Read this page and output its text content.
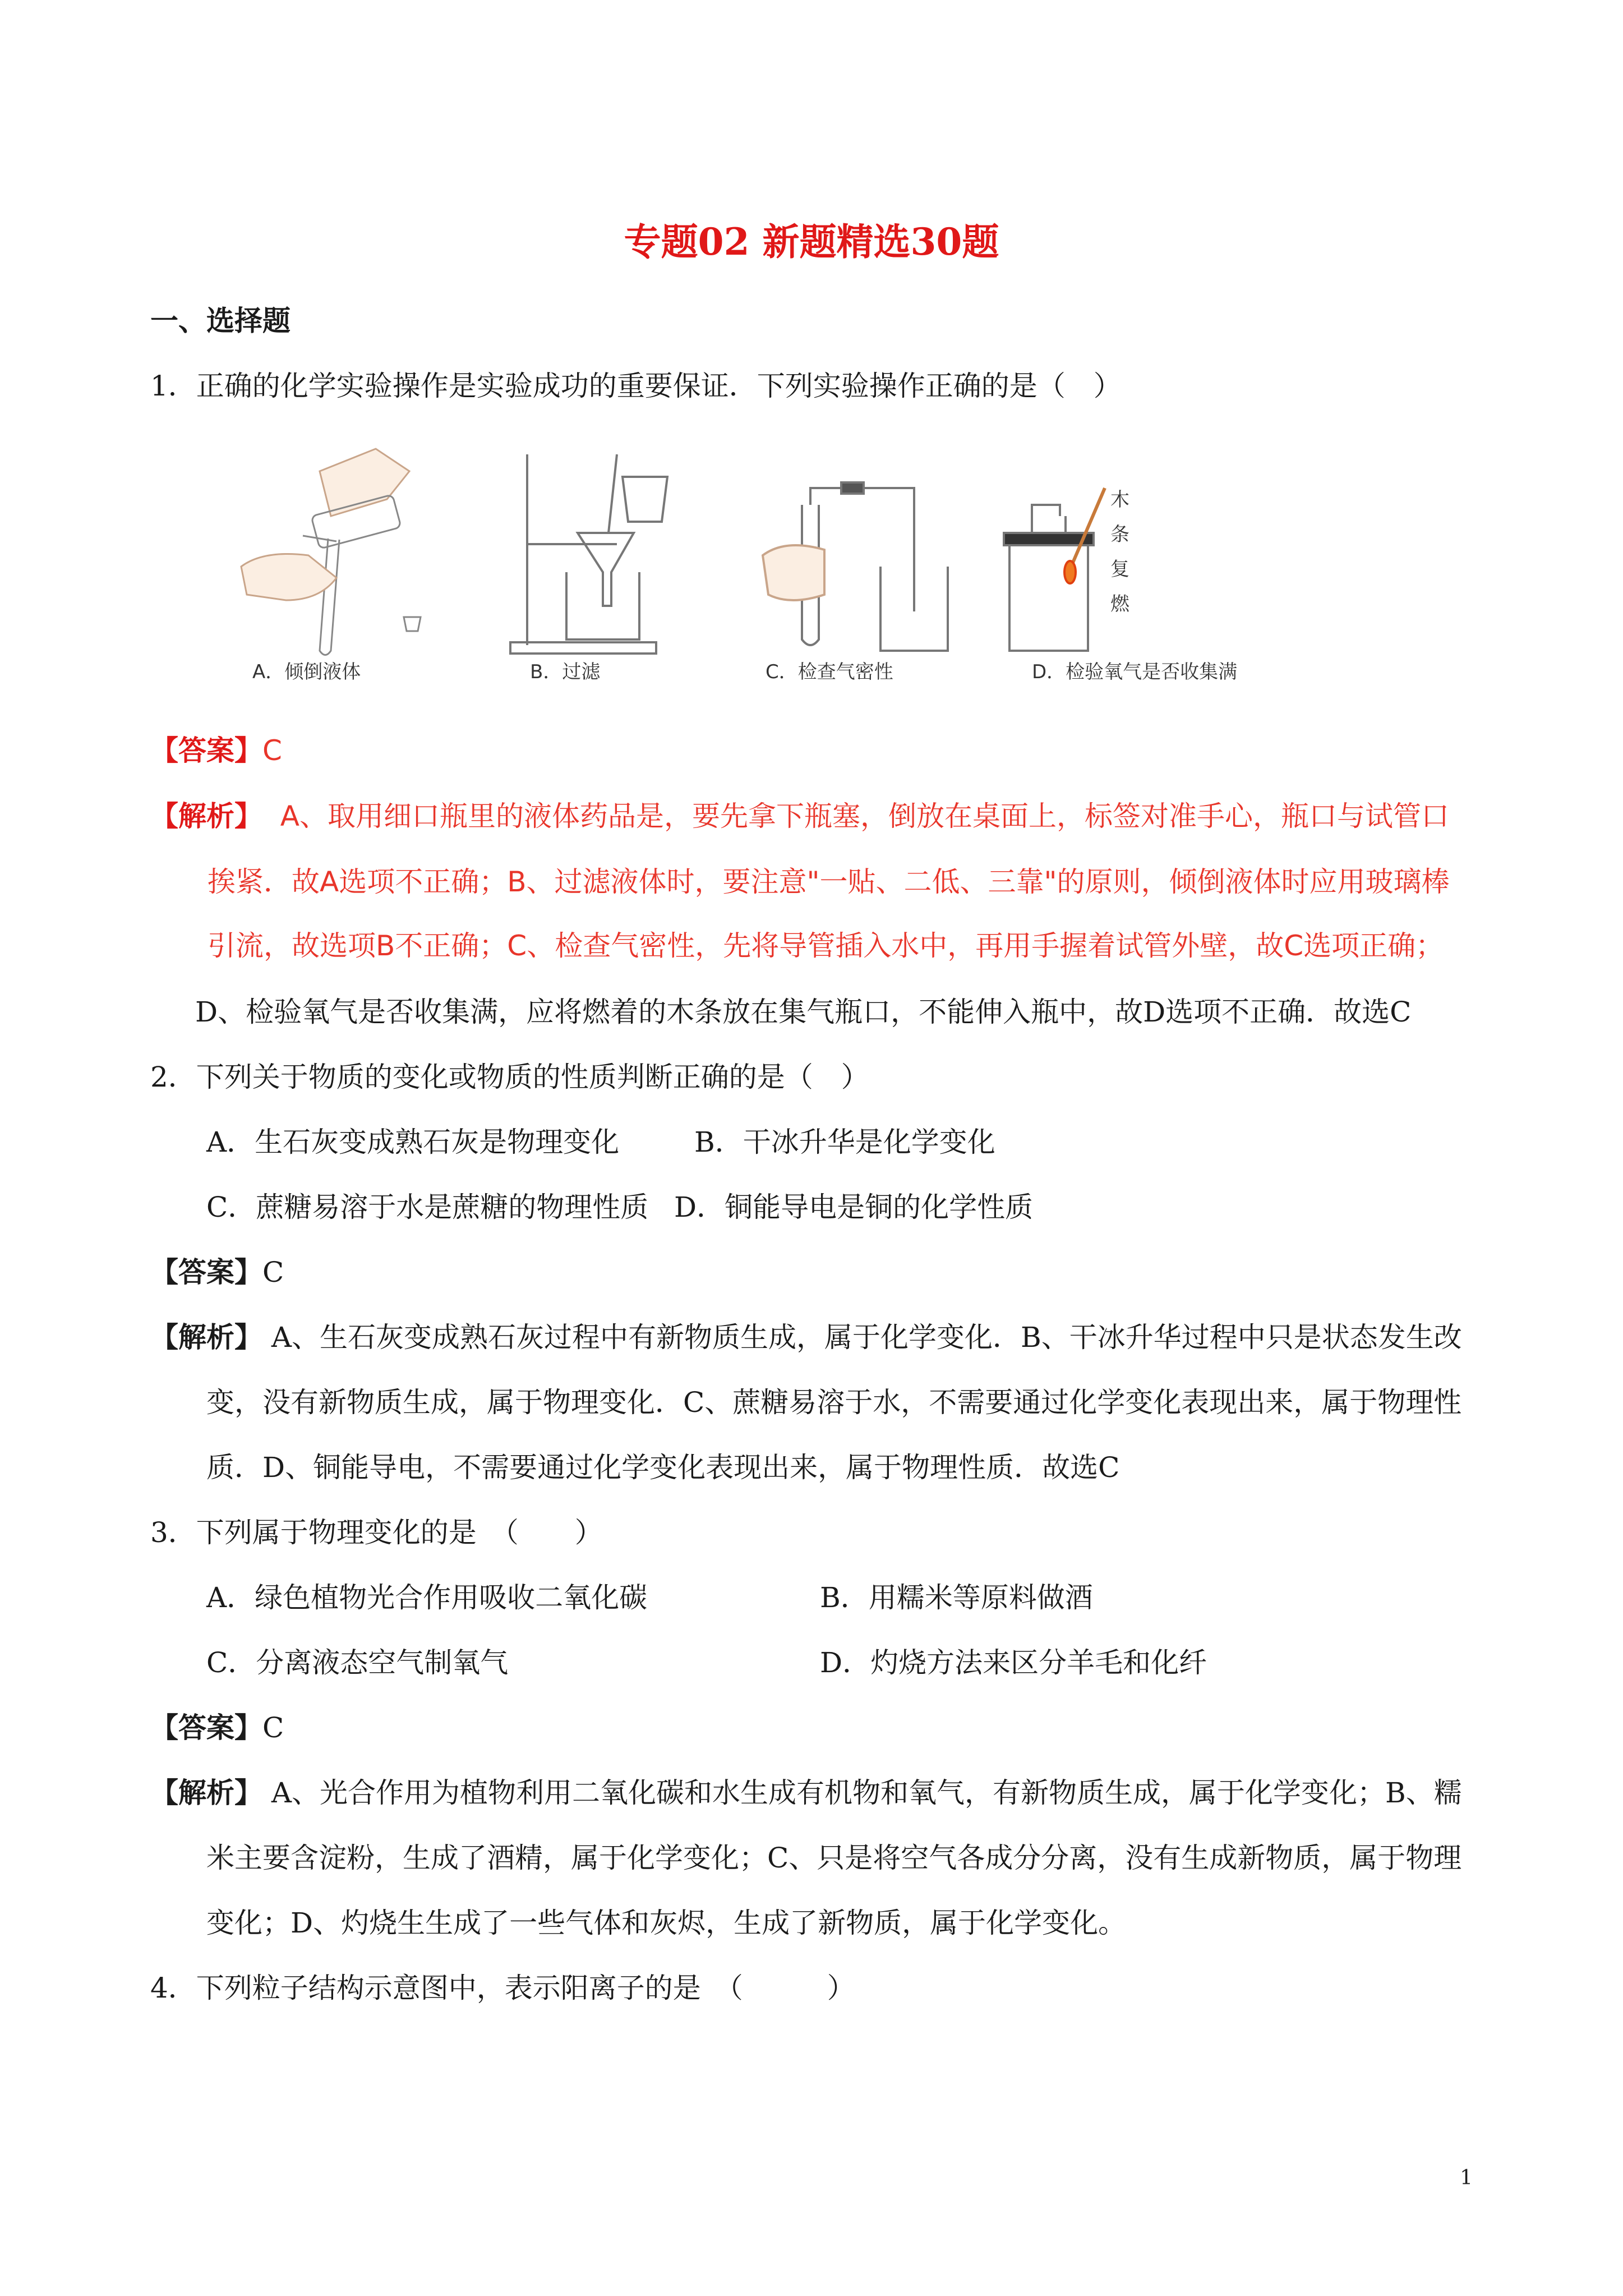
专题02 新题精选30题
一、选择题
1．正确的化学实验操作是实验成功的重要保证．下列实验操作正确的是（　）
木
条
复
燃
A．倾倒液体	B．过滤	C．检查气密性	D．检验氧气是否收集满
【答案】C
【解析】 A、取用细口瓶里的液体药品是，要先拿下瓶塞，倒放在桌面上，标签对准手心，瓶口与试管口
挨紧．故A选项不正确；B、过滤液体时，要注意"一贴、二低、三靠"的原则，倾倒液体时应用玻璃棒
引流，故选项B不正确；C、检查气密性，先将导管插入水中，再用手握着试管外壁，故C选项正确；
D、检验氧气是否收集满，应将燃着的木条放在集气瓶口，不能伸入瓶中，故D选项不正确．故选C
2．下列关于物质的变化或物质的性质判断正确的是（　）
A．生石灰变成熟石灰是物理变化	B．干冰升华是化学变化
C．蔗糖易溶于水是蔗糖的物理性质 D．铜能导电是铜的化学性质
【答案】C
【解析】 A、生石灰变成熟石灰过程中有新物质生成，属于化学变化．B、干冰升华过程中只是状态发生改
变，没有新物质生成，属于物理变化．C、蔗糖易溶于水，不需要通过化学变化表现出来，属于物理性
质．D、铜能导电，不需要通过化学变化表现出来，属于物理性质．故选C
3．下列属于物理变化的是　（　　）
A．绿色植物光合作用吸收二氧化碳	B．用糯米等原料做酒
C．分离液态空气制氧气	D．灼烧方法来区分羊毛和化纤
【答案】C
【解析】 A、光合作用为植物利用二氧化碳和水生成有机物和氧气，有新物质生成，属于化学变化；B、糯
米主要含淀粉，生成了酒精，属于化学变化；C、只是将空气各成分分离，没有生成新物质，属于物理
变化；D、灼烧生生成了一些气体和灰烬，生成了新物质，属于化学变化。
4．下列粒子结构示意图中，表示阳离子的是　（　　　）
1
